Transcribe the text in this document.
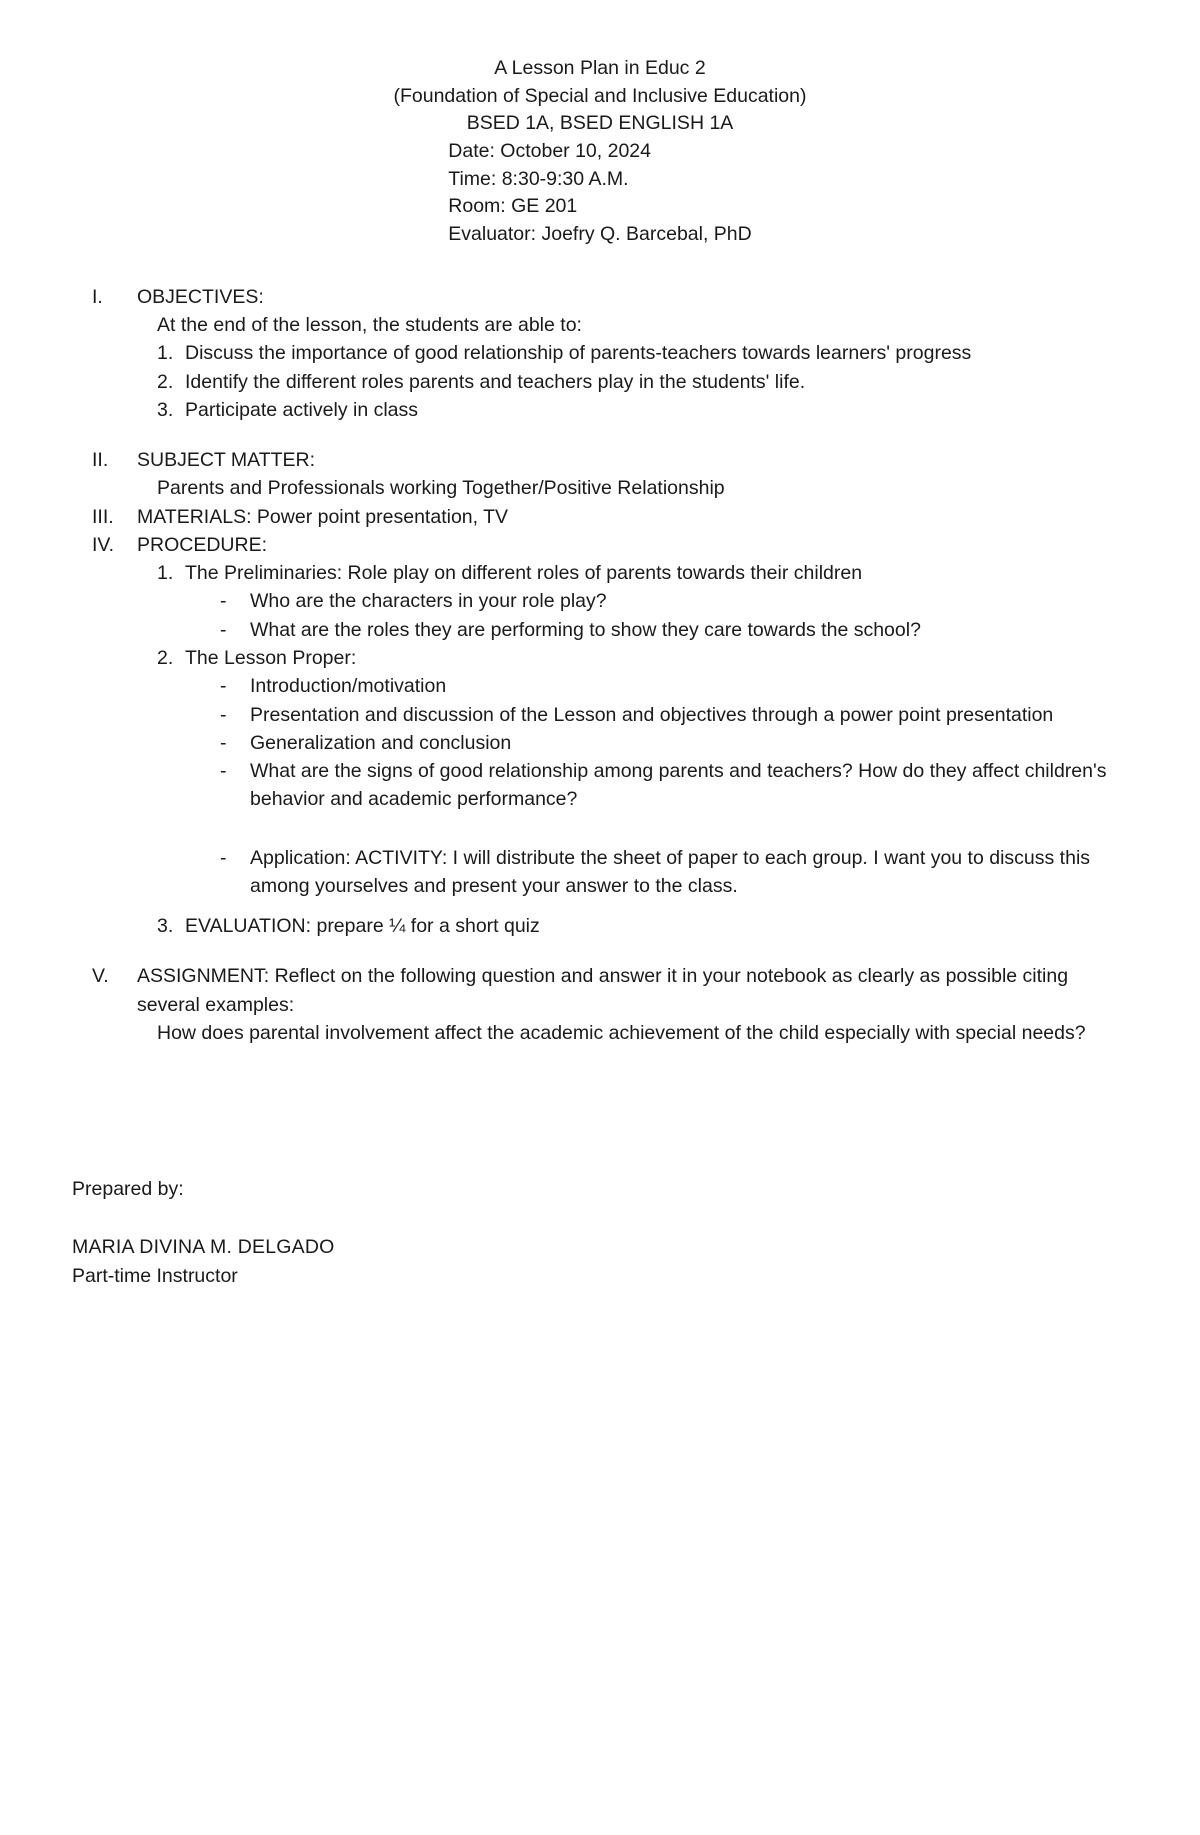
A Lesson Plan in Educ 2
(Foundation of Special and Inclusive Education)
BSED 1A, BSED ENGLISH 1A
Date: October 10, 2024
Time: 8:30-9:30 A.M.
Room: GE 201
Evaluator: Joefry Q. Barcebal, PhD
I.	OBJECTIVES:
At the end of the lesson, the students are able to:
1. Discuss the importance of good relationship of parents-teachers towards learners' progress
2. Identify the different roles parents and teachers play in the students' life.
3. Participate actively in class
II.	SUBJECT MATTER:
Parents and Professionals working Together/Positive Relationship
III.	MATERIALS: Power point presentation, TV
IV.	PROCEDURE:
1. The Preliminaries: Role play on different roles of parents towards their children
-	Who are the characters in your role play?
-	What are the roles they are performing to show they care towards the school?
2. The Lesson Proper:
-	Introduction/motivation
-	Presentation and discussion of the Lesson and objectives through a power point presentation
-	Generalization and conclusion
-	What are the signs of good relationship among parents and teachers? How do they affect children's behavior and academic performance?
-	Application: ACTIVITY: I will distribute the sheet of paper to each group. I want you to discuss this among yourselves and present your answer to the class.
3. EVALUATION: prepare ¼ for a short quiz
V.	ASSIGNMENT: Reflect on the following question and answer it in your notebook as clearly as possible citing several examples:
How does parental involvement affect the academic achievement of the child especially with special needs?
Prepared by:
MARIA DIVINA M. DELGADO
Part-time Instructor
